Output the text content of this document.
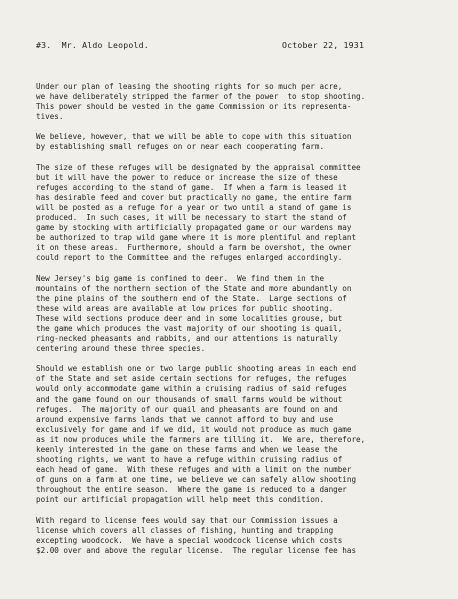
#3.  Mr. Aldo Leopold.	October 22, 1931
Under our plan of leasing the shooting rights for so much per acre,
we have deliberately stripped the farmer of the power  to stop shooting.
This power should be vested in the game Commission or its representa-
tives.
We believe, however, that we will be able to cope with this situation
by establishing small refuges on or near each cooperating farm.
The size of these refuges will be designated by the appraisal committee
but it will have the power to reduce or increase the size of these
refuges according to the stand of game.  If when a farm is leased it
has desirable feed and cover but practically no game, the entire farm
will be posted as a refuge for a year or two until a stand of game is
produced.  In such cases, it will be necessary to start the stand of
game by stocking with artificially propagated game or our wardens may
be authorized to trap wild game where it is more plentiful and replant
it on these areas.  Furthermore, should a farm be overshot, the owner
could report to the Committee and the refuges enlarged accordingly.
New Jersey's big game is confined to deer.  We find them in the
mountains of the northern section of the State and more abundantly on
the pine plains of the southern end of the State.  Large sections of
these wild areas are available at low prices for public shooting.
These wild sections produce deer and in some localities grouse, but
the game which produces the vast majority of our shooting is quail,
ring-necked pheasants and rabbits, and our attentions is naturally
centering around these three species.
Should we establish one or two large public shooting areas in each end
of the State and set aside certain sections for refuges, the refuges
would only accommodate game within a cruising radius of said refuges
and the game found on our thousands of small farms would be without
refuges.  The majority of our quail and pheasants are found on and
around expensive farms lands that we cannot afford to buy and use
exclusively for game and if we did, it would not produce as much game
as it now produces while the farmers are tilling it.  We are, therefore,
keenly interested in the game on these farms and when we lease the
shooting rights, we want to have a refuge within cruising radius of
each head of game.  With these refuges and with a limit on the number
of guns on a farm at one time, we believe we can safely allow shooting
throughout the entire season.  Where the game is reduced to a danger
point our artificial propagation will help meet this condition.
With regard to license fees would say that our Commission issues a
license which covers all classes of fishing, hunting and trapping
excepting woodcock.  We have a special woodcock license which costs
$2.00 over and above the regular license.  The regular license fee has
